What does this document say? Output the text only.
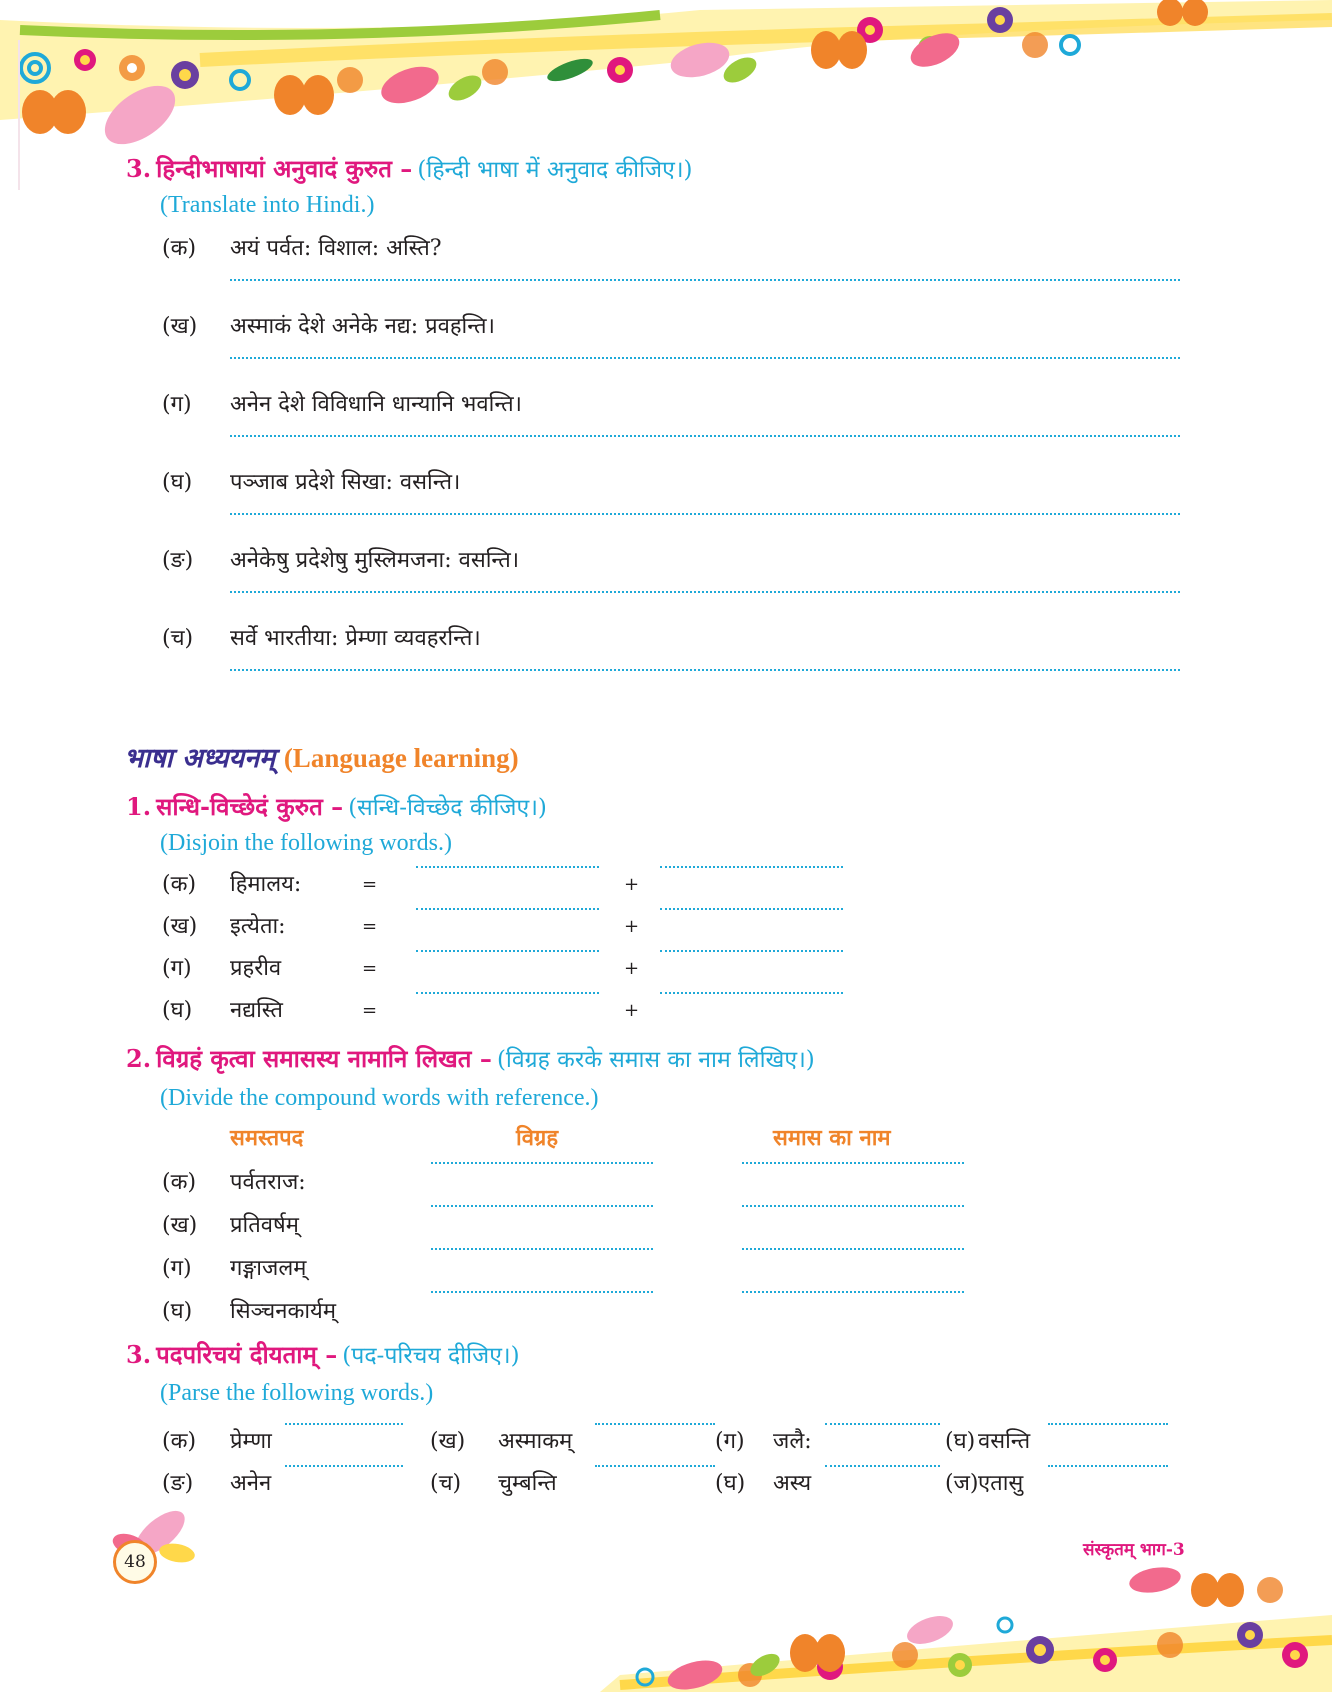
3. हिन्दीभाषायां अनुवादं कुरुत – (हिन्दी भाषा में अनुवाद कीजिए।)
(Translate into Hindi.)
(क) अयं पर्वत: विशाल: अस्ति?
(ख) अस्माकं देशे अनेके नद्य: प्रवहन्ति।
(ग) अनेन देशे विविधानि धान्यानि भवन्ति।
(घ) पञ्जाब प्रदेशे सिखा: वसन्ति।
(ङ) अनेकेषु प्रदेशेषु मुस्लिमजना: वसन्ति।
(च) सर्वे भारतीया: प्रेम्णा व्यवहरन्ति।
भाषा अध्ययनम् (Language learning)
1. सन्धि-विच्छेदं कुरुत – (सन्धि-विच्छेद कीजिए।)
(Disjoin the following words.)
(क) हिमालय:	=	+
(ख) इत्येता:	=	+
(ग) प्रहरीव	=	+
(घ) नद्यस्ति	=	+
2. विग्रहं कृत्वा समासस्य नामानि लिखत – (विग्रह करके समास का नाम लिखिए।)
(Divide the compound words with reference.)
समस्तपद	विग्रह	समास का नाम
(क) पर्वतराज:
(ख) प्रतिवर्षम्
(ग) गङ्गाजलम्
(घ) सिञ्चनकार्यम्
3. पदपरिचयं दीयताम् – (पद-परिचय दीजिए।)
(Parse the following words.)
(क) प्रेम्णा	(ख) अस्माकम्	(ग) जलै:	(घ) वसन्ति
(ङ) अनेन	(च) चुम्बन्ति	(घ) अस्य	(ज) एतासु
48
संस्कृतम् भाग-3
